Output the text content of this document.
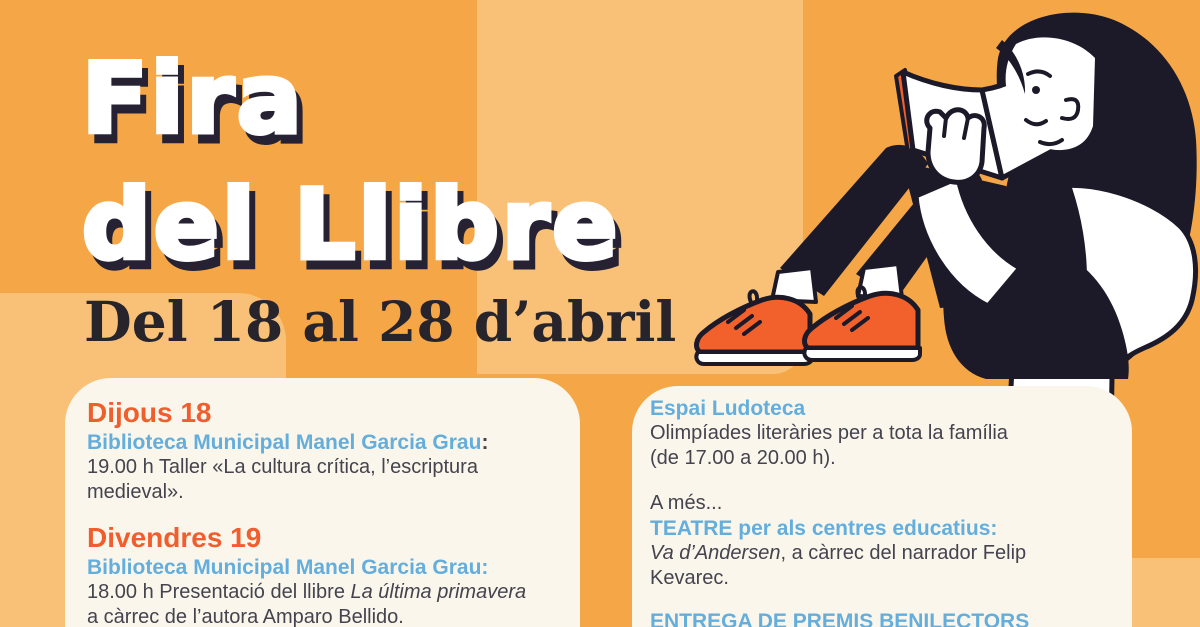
Fira Fira
del Llibre del Llibre
Del 18 al 28 d’abril
Dijous 18
Biblioteca Municipal Manel Garcia Grau:
19.00 h Taller «La cultura crítica, l’escriptura
medieval».
Divendres 19
Biblioteca Municipal Manel Garcia Grau:
18.00 h Presentació del llibre La última primavera
a càrrec de l’autora Amparo Bellido.
Espai Ludoteca
Olimpíades literàries per a tota la família
(de 17.00 a 20.00 h).
A més...
TEATRE per als centres educatius:
Va d’Andersen, a càrrec del narrador Felip
Kevarec.
ENTREGA DE PREMIS BENILECTORS
